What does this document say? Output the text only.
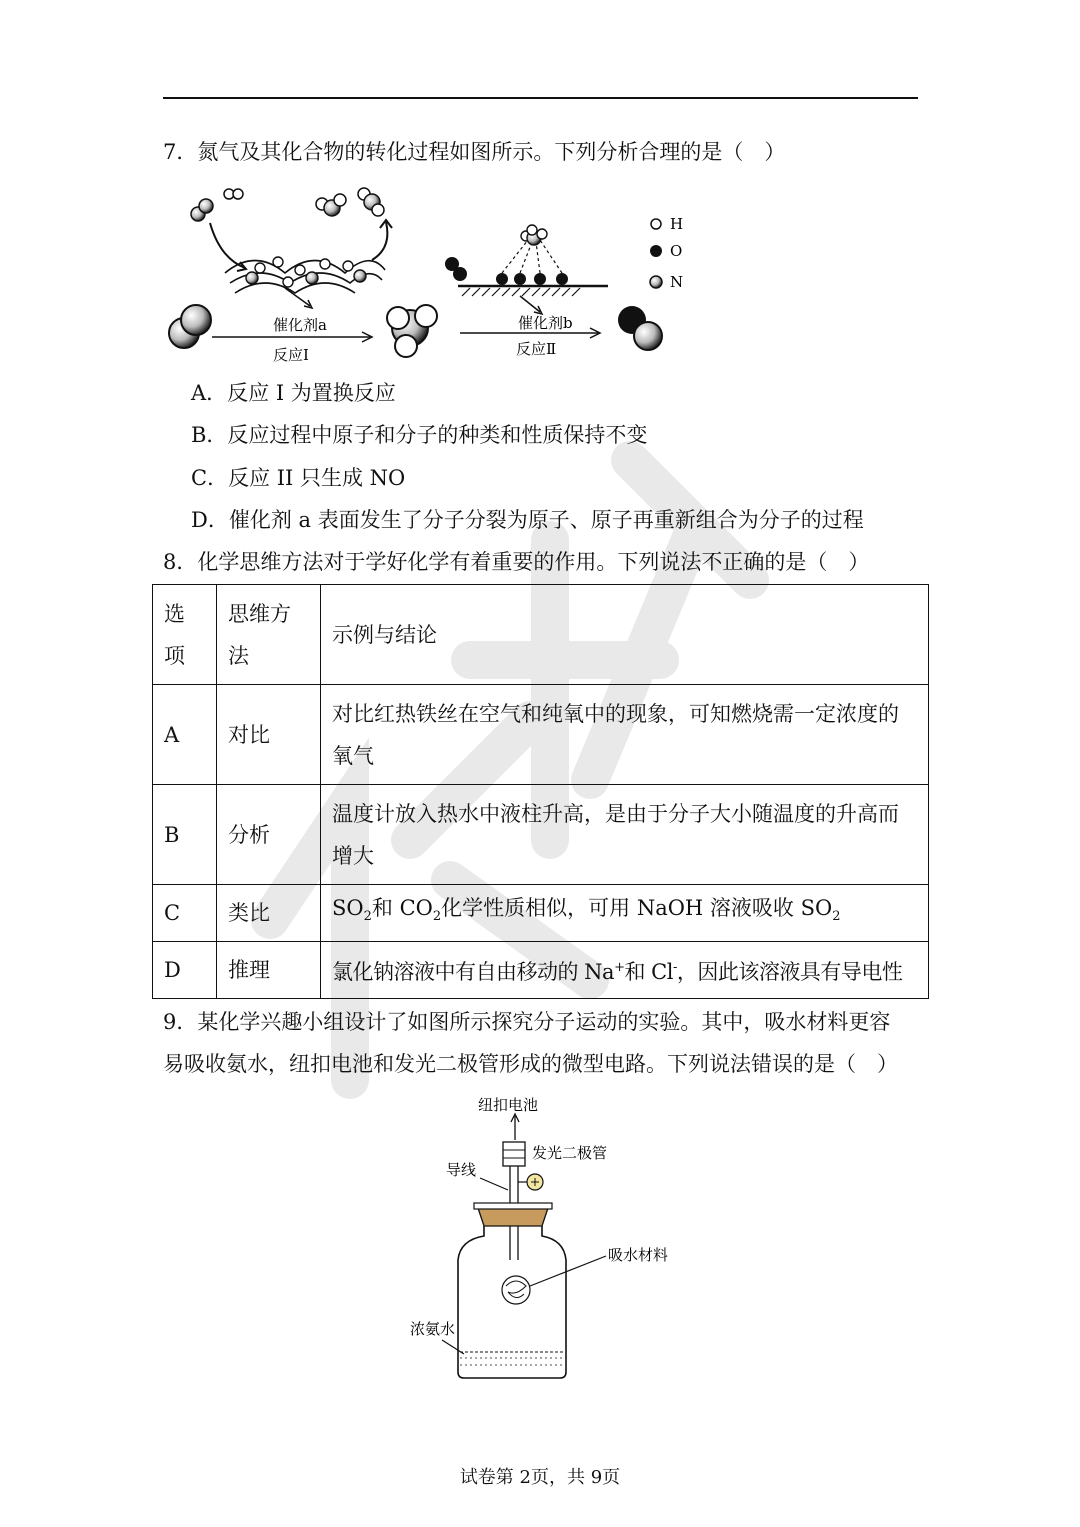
7．氮气及其化合物的转化过程如图所示。下列分析合理的是（　）
催化剂a
反应Ⅰ
催化剂b
反应Ⅱ
H
O
N
A．反应 I 为置换反应
B．反应过程中原子和分子的种类和性质保持不变
C．反应 II 只生成 NO
D．催化剂 a 表面发生了分子分裂为原子、原子再重新组合为分子的过程
8．化学思维方法对于学好化学有着重要的作用。下列说法不正确的是（　）
选项	思维方法	示例与结论
A	对比	对比红热铁丝在空气和纯氧中的现象，可知燃烧需一定浓度的氧气
B	分析	温度计放入热水中液柱升高，是由于分子大小随温度的升高而增大
C	类比	$SO_2$和 $CO_2$化学性质相似，可用 NaOH 溶液吸收 $SO_2$
D	推理	氯化钠溶液中有自由移动的 Na+和 Cl-，因此该溶液具有导电性
9．某化学兴趣小组设计了如图所示探究分子运动的实验。其中，吸水材料更容
易吸收氨水，纽扣电池和发光二极管形成的微型电路。下列说法错误的是（　）
纽扣电池
发光二极管
导线
吸水材料
浓氨水
试卷第 2页，共 9页
